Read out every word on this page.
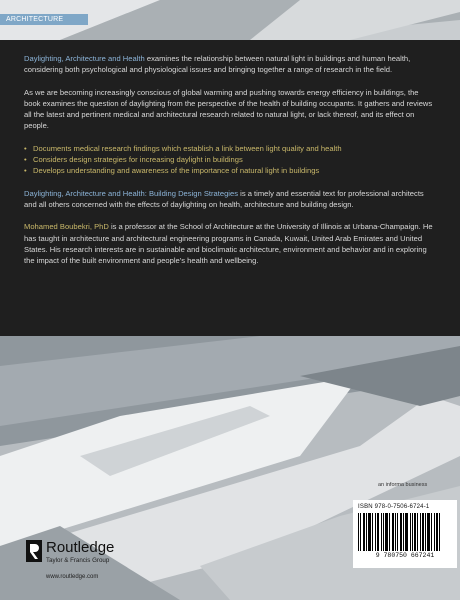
ARCHITECTURE

Daylighting, Architecture and Health examines the relationship between natural light in buildings and human health, considering both psychological and physiological issues and bringing together a range of research in the field.

As we are becoming increasingly conscious of global warming and pushing towards energy efficiency in buildings, the book examines the question of daylighting from the perspective of the health of building occupants. It gathers and reviews all the latest and pertinent medical and architectural research related to natural light, or lack thereof, and its effect on people.

• Documents medical research findings which establish a link between light quality and health
• Considers design strategies for increasing daylight in buildings
• Develops understanding and awareness of the importance of natural light in buildings

Daylighting, Architecture and Health: Building Design Strategies is a timely and essential text for professional architects and all others concerned with the effects of daylighting on health, architecture and building design.

Mohamed Boubekri, PhD is a professor at the School of Architecture at the University of Illinois at Urbana-Champaign. He has taught in architecture and architectural engineering programs in Canada, Kuwait, United Arab Emirates and United States. His research interests are in sustainable and bioclimatic architecture, environment and behavior and in exploring the impact of the built environment and people's health and wellbeing.

an informa business
ISBN 978-0-7506-6724-1
9 780750 667241
Routledge
Taylor & Francis Group
www.routledge.com
